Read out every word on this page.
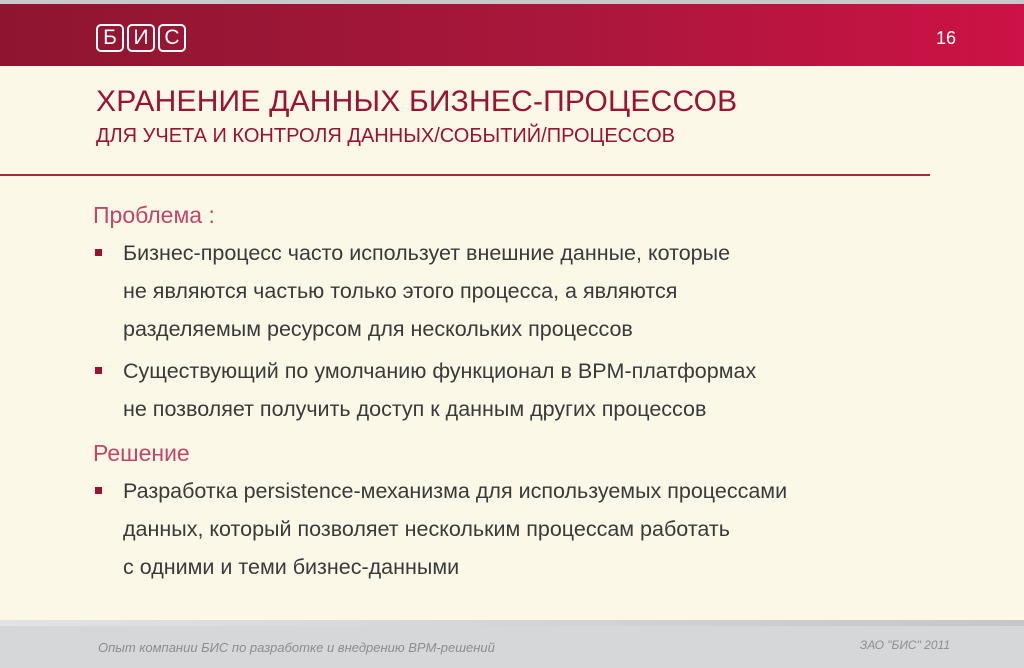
Б И С	16
ХРАНЕНИЕ ДАННЫХ БИЗНЕС-ПРОЦЕССОВ
ДЛЯ УЧЕТА И КОНТРОЛЯ ДАННЫХ/СОБЫТИЙ/ПРОЦЕССОВ

Проблема :

Бизнес-процесс часто использует внешние данные, которые
не являются частью только этого процесса, а являются
разделяемым ресурсом для нескольких процессов
Существующий по умолчанию функционал в BPM-платформах
не позволяет получить доступ к данным других процессов

Решение

Разработка persistence-механизма для используемых процессами
данных, который позволяет нескольким процессам работать
с одними и теми бизнес-данными
Опыт компании БИС по разработке и внедрению BPM-решений	ЗАО "БИС" 2011
